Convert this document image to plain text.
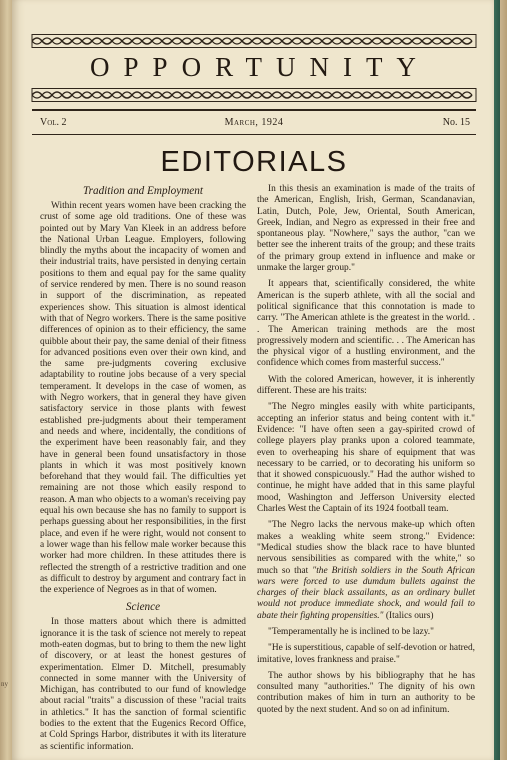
ny
OPPORTUNITY
Vol. 2	March, 1924	No. 15
EDITORIALS
Tradition and Employment

Within recent years women have been cracking the crust of some age old traditions. One of these was pointed out by Mary Van Kleek in an address before the National Urban League. Employers, following blindly the myths about the incapacity of women and their industrial traits, have persisted in denying certain positions to them and equal pay for the same quality of service rendered by men. There is no sound reason in support of the discrimination, as repeated experiences show. This situation is almost identical with that of Negro workers. There is the same positive differences of opinion as to their efficiency, the same quibble about their pay, the same denial of their fitness for advanced positions even over their own kind, and the same pre-judgments covering exclusive adaptability to routine jobs because of a very special temperament. It develops in the case of women, as with Negro workers, that in general they have given satisfactory service in those plants with fewest established pre-judgments about their temperament and needs and where, incidentally, the conditions of the experiment have been reasonably fair, and they have in general been found unsatisfactory in those plants in which it was most positively known beforehand that they would fail. The difficulties yet remaining are not those which easily respond to reason. A man who objects to a woman's receiving pay equal his own because she has no family to support is perhaps guessing about her responsibilities, in the first place, and even if he were right, would not consent to a lower wage than his fellow male worker because this worker had more children. In these attitudes there is reflected the strength of a restrictive tradition and one as difficult to destroy by argument and contrary fact in the experience of Negroes as in that of women.

Science

In those matters about which there is admitted ignorance it is the task of science not merely to repeat moth-eaten dogmas, but to bring to them the new light of discovery, or at least the honest gestures of experimentation. Elmer D. Mitchell, presumably connected in some manner with the University of Michigan, has contributed to our fund of knowledge about racial "traits" a discussion of these "racial traits in athletics." It has the sanction of formal scientific bodies to the extent that the Eugenics Record Office, at Cold Springs Harbor, distributes it with its literature as scientific information.

In this thesis an examination is made of the traits of the American, English, Irish, German, Scandanavian, Latin, Dutch, Pole, Jew, Oriental, South American, Greek, Indian, and Negro as expressed in their free and spontaneous play. "Nowhere," says the author, "can we better see the inherent traits of the group; and these traits of the primary group extend in influence and make or unmake the larger group."

It appears that, scientifically considered, the white American is the superb athlete, with all the social and political significance that this connotation is made to carry. "The American athlete is the greatest in the world. . . The American training methods are the most progressively modern and scientific. . . The American has the physical vigor of a hustling environment, and the confidence which comes from masterful success."

With the colored American, however, it is inherently different. These are his traits:

"The Negro mingles easily with white participants, accepting an inferior status and being content with it." Evidence: "I have often seen a gay-spirited crowd of college players play pranks upon a colored teammate, even to overheaping his share of equipment that was necessary to be carried, or to decorating his uniform so that it showed conspicuously." Had the author wished to continue, he might have added that in this same playful mood, Washington and Jefferson University elected Charles West the Captain of its 1924 football team.

"The Negro lacks the nervous make-up which often makes a weakling white seem strong." Evidence: "Medical studies show the black race to have blunted nervous sensibilities as compared with the white," so much so that "the British soldiers in the South African wars were forced to use dumdum bullets against the charges of their black assailants, as an ordinary bullet would not produce immediate shock, and would fail to abate their fighting propensities." (Italics ours)

"Temperamentally he is inclined to be lazy."

"He is superstitious, capable of self-devotion or hatred, imitative, loves frankness and praise."

The author shows by his bibliography that he has consulted many "authorities." The dignity of his own contribution makes of him in turn an authority to be quoted by the next student. And so on ad infinitum.
